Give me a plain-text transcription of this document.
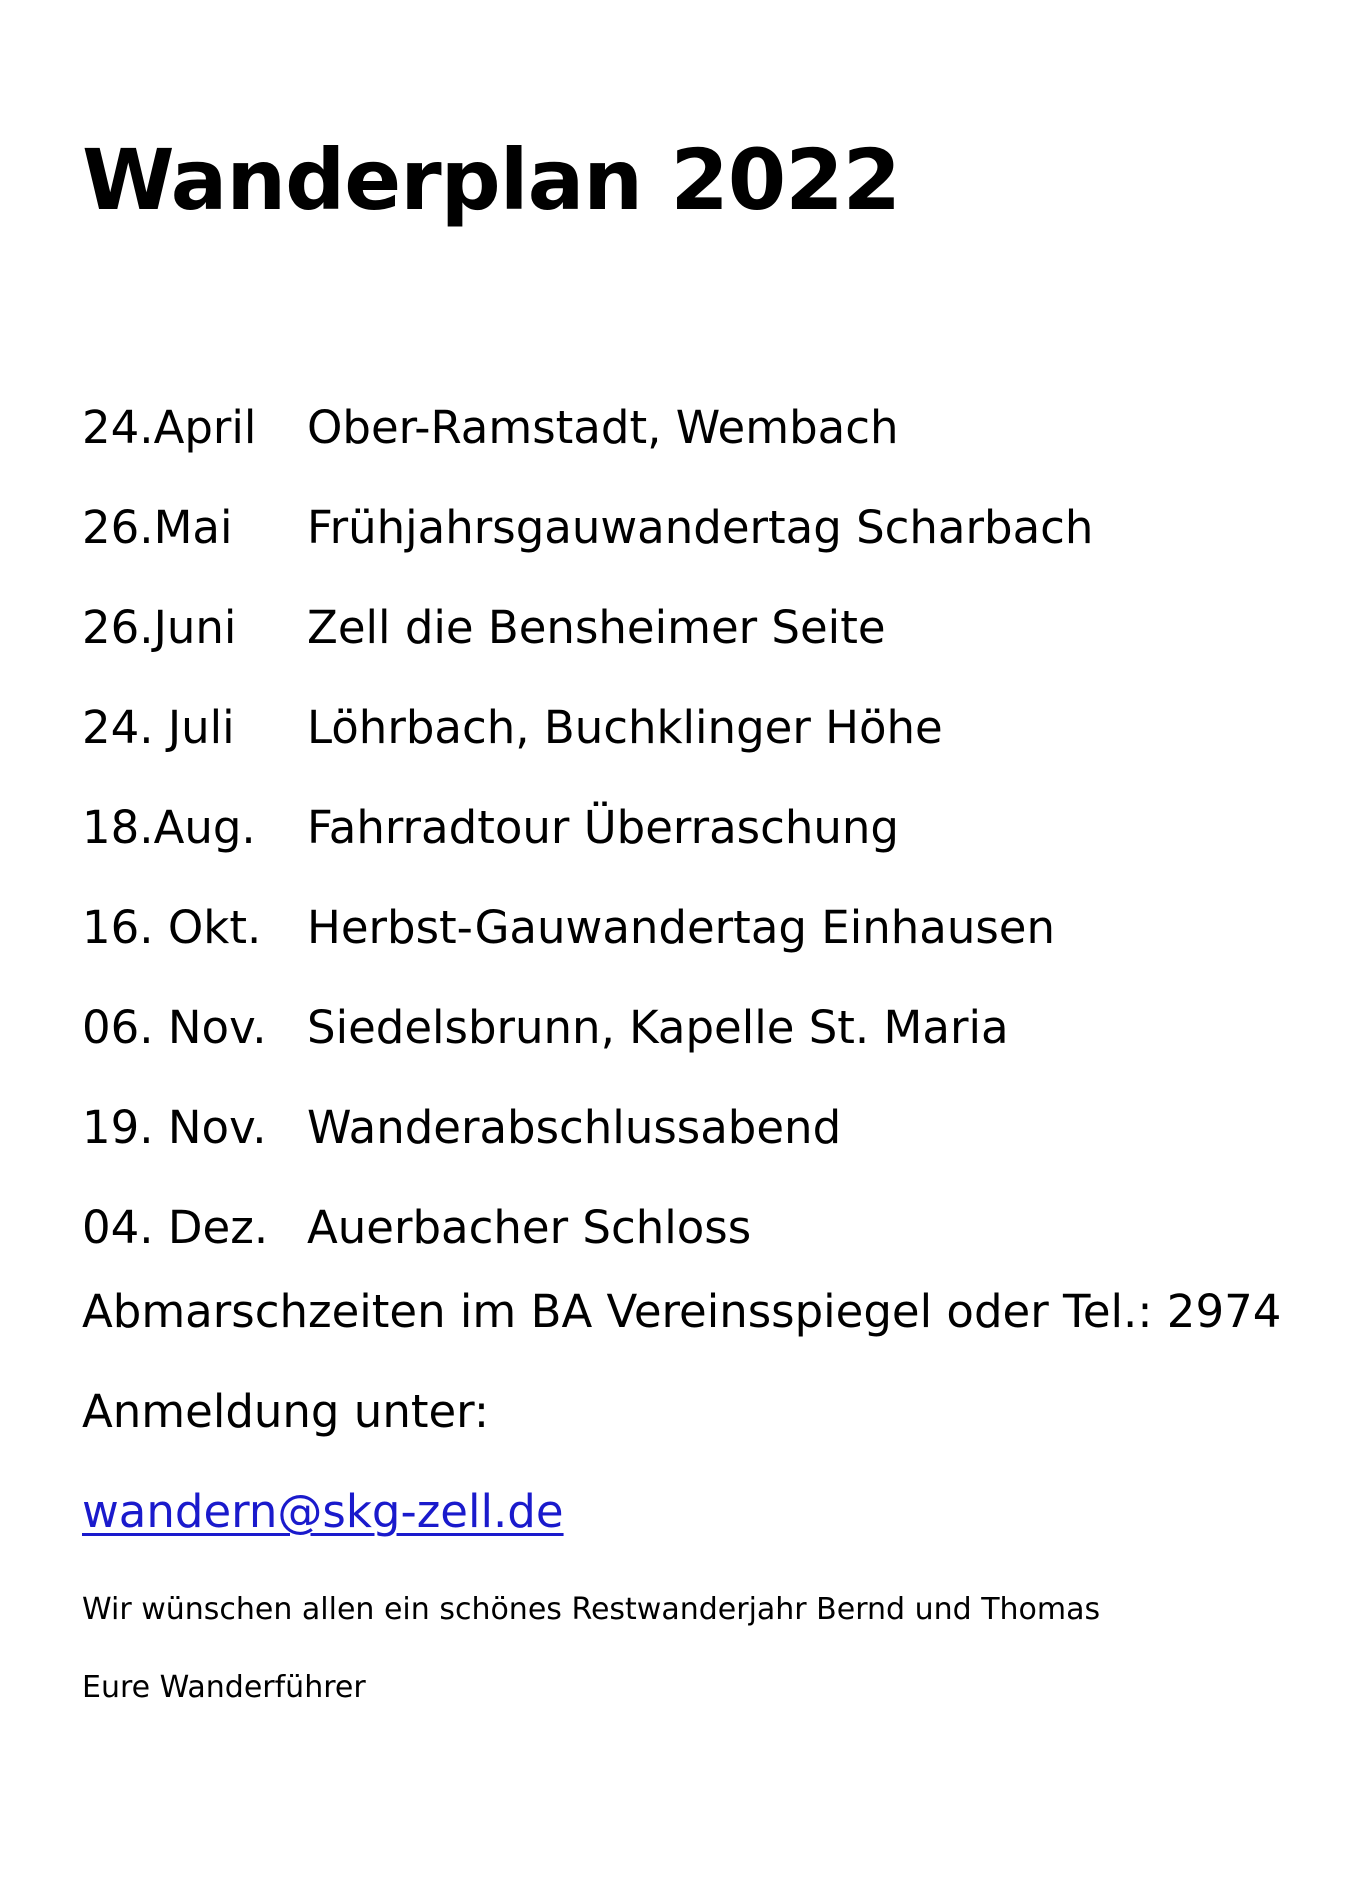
Wanderplan 2022
24.April	Ober-Ramstadt, Wembach
26.Mai	Frühjahrsgauwandertag Scharbach
26.Juni	Zell die Bensheimer Seite
24. Juli	Löhrbach, Buchklinger Höhe
18.Aug.	Fahrradtour Überraschung
16. Okt.	Herbst-Gauwandertag Einhausen
06. Nov. Siedelsbrunn, Kapelle St. Maria
19. Nov. Wanderabschlussabend
04. Dez. Auerbacher Schloss

Abmarschzeiten im BA Vereinsspiegel oder Tel.: 2974

Anmeldung unter:

wandern@skg-zell.de

Wir wünschen allen ein schönes Restwanderjahr Bernd und Thomas

Eure Wanderführer
